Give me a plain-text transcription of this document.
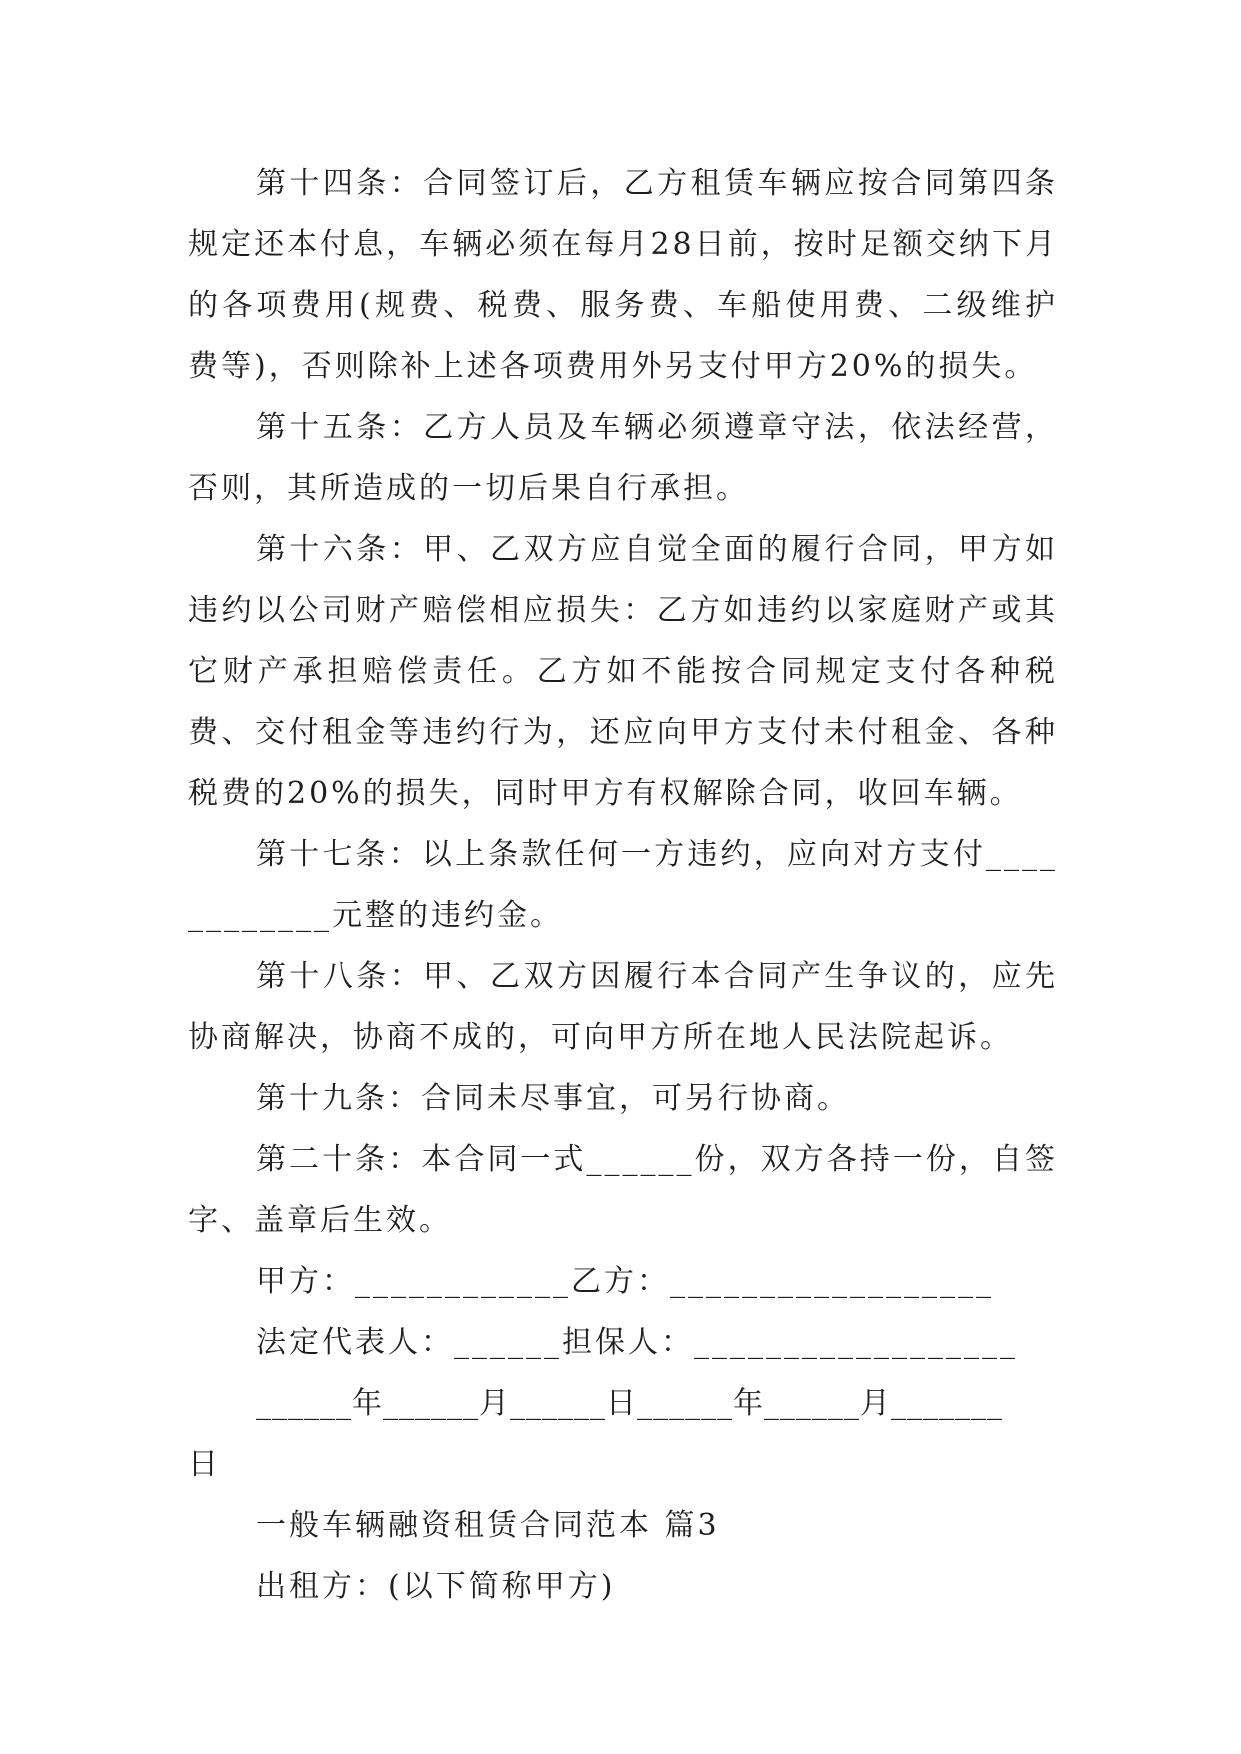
第十四条：合同签订后，乙方租赁车辆应按合同第四条规定还本付息，车辆必须在每月28日前，按时足额交纳下月的各项费用(规费、税费、服务费、车船使用费、二级维护费等)，否则除补上述各项费用外另支付甲方20%的损失。

第十五条：乙方人员及车辆必须遵章守法，依法经营，否则，其所造成的一切后果自行承担。

第十六条：甲、乙双方应自觉全面的履行合同，甲方如违约以公司财产赔偿相应损失：乙方如违约以家庭财产或其它财产承担赔偿责任。乙方如不能按合同规定支付各种税费、交付租金等违约行为，还应向甲方支付未付租金、各种税费的20%的损失，同时甲方有权解除合同，收回车辆。

第十七条：以上条款任何一方违约，应向对方支付____________元整的违约金。

第十八条：甲、乙双方因履行本合同产生争议的，应先协商解决，协商不成的，可向甲方所在地人民法院起诉。

第十九条：合同未尽事宜，可另行协商。

第二十条：本合同一式______份，双方各持一份，自签字、盖章后生效。

甲方：____________乙方：__________________

法定代表人：______担保人：__________________

______年______月______日______年______月_______

日

一般车辆融资租赁合同范本 篇3

出租方：(以下简称甲方)
